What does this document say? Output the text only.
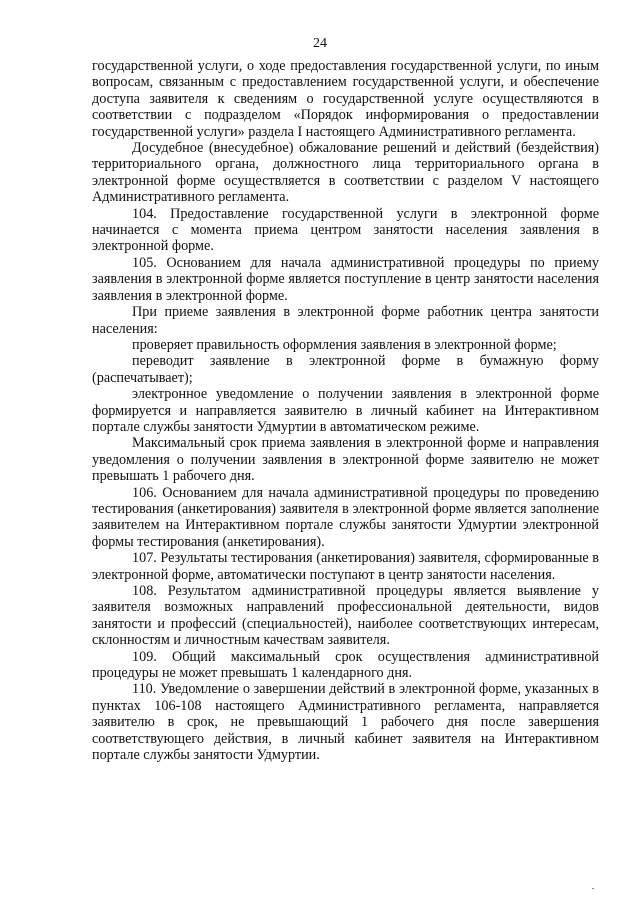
24

государственной услуги, о ходе предоставления государственной услуги, по иным вопросам, связанным с предоставлением государственной услуги, и обеспечение доступа заявителя к сведениям о государственной услуге осуществляются в соответствии с подразделом «Порядок информирования о предоставлении государственной услуги» раздела I настоящего Административного регламента.

Досудебное (внесудебное) обжалование решений и действий (бездействия) территориального органа, должностного лица территориального органа в электронной форме осуществляется в соответствии с разделом V настоящего Административного регламента.

104. Предоставление государственной услуги в электронной форме начинается с момента приема центром занятости населения заявления в электронной форме.

105. Основанием для начала административной процедуры по приему заявления в электронной форме является поступление в центр занятости населения заявления в электронной форме.

При приеме заявления в электронной форме работник центра занятости населения:

проверяет правильность оформления заявления в электронной форме;

переводит заявление в электронной форме в бумажную форму (распечатывает);

электронное уведомление о получении заявления в электронной форме формируется и направляется заявителю в личный кабинет на Интерактивном портале службы занятости Удмуртии в автоматическом режиме.

Максимальный срок приема заявления в электронной форме и направления уведомления о получении заявления в электронной форме заявителю не может превышать 1 рабочего дня.

106. Основанием для начала административной процедуры по проведению тестирования (анкетирования) заявителя в электронной форме является заполнение заявителем на Интерактивном портале службы занятости Удмуртии электронной формы тестирования (анкетирования).

107. Результаты тестирования (анкетирования) заявителя, сформированные в электронной форме, автоматически поступают в центр занятости населения.

108. Результатом административной процедуры является выявление у заявителя возможных направлений профессиональной деятельности, видов занятости и профессий (специальностей), наиболее соответствующих интересам, склонностям и личностным качествам заявителя.

109. Общий максимальный срок осуществления административной процедуры не может превышать 1 календарного дня.

110. Уведомление о завершении действий в электронной форме, указанных в пунктах 106-108 настоящего Административного регламента, направляется заявителю в срок, не превышающий 1 рабочего дня после завершения соответствующего действия, в личный кабинет заявителя на Интерактивном портале службы занятости Удмуртии.
